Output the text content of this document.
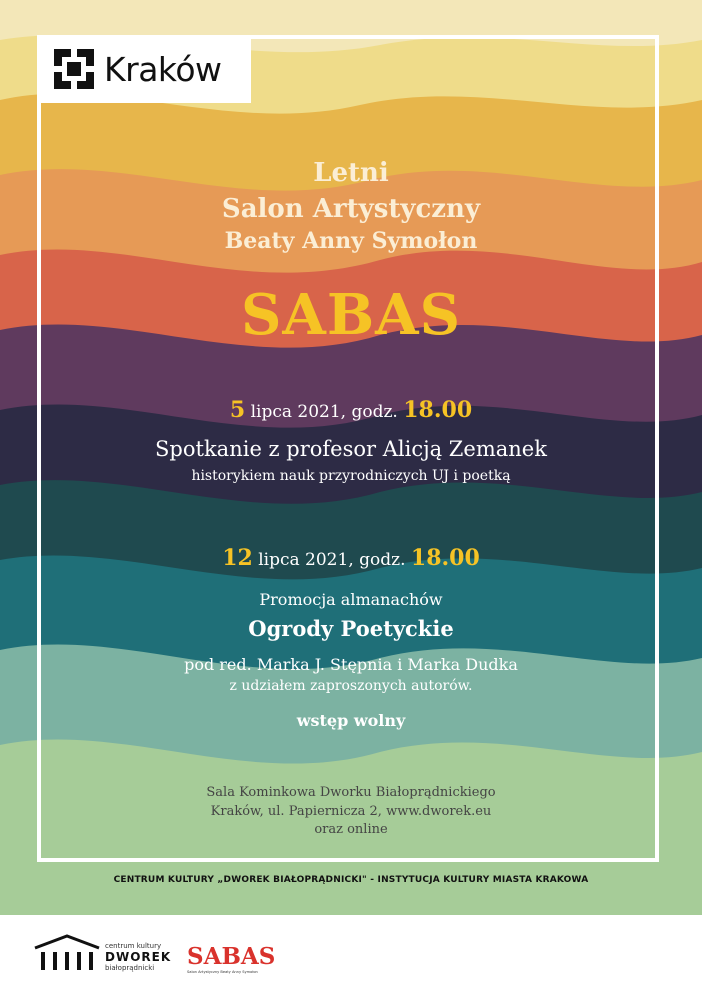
Kraków
Letni
Salon Artystyczny
Beaty Anny Symołon
SABAS
5 lipca 2021, godz. 18.00
Spotkanie z profesor Alicją Zemanek
historykiem nauk przyrodniczych UJ i poetką
12 lipca 2021, godz. 18.00
Promocja almanachów
Ogrody Poetyckie
pod red. Marka J. Stępnia i Marka Dudka
z udziałem zaproszonych autorów.
wstęp wolny
Sala Kominkowa Dworku Białoprądnickiego
Kraków, ul. Papiernicza 2, www.dworek.eu
oraz online
CENTRUM KULTURY „DWOREK BIAŁOPRĄDNICKI" - INSTYTUCJA KULTURY MIASTA KRAKOWA
centrum kultury
DWOREK
białoprądnicki SABAS
Salon Artystyczny Beaty Anny Symołon
